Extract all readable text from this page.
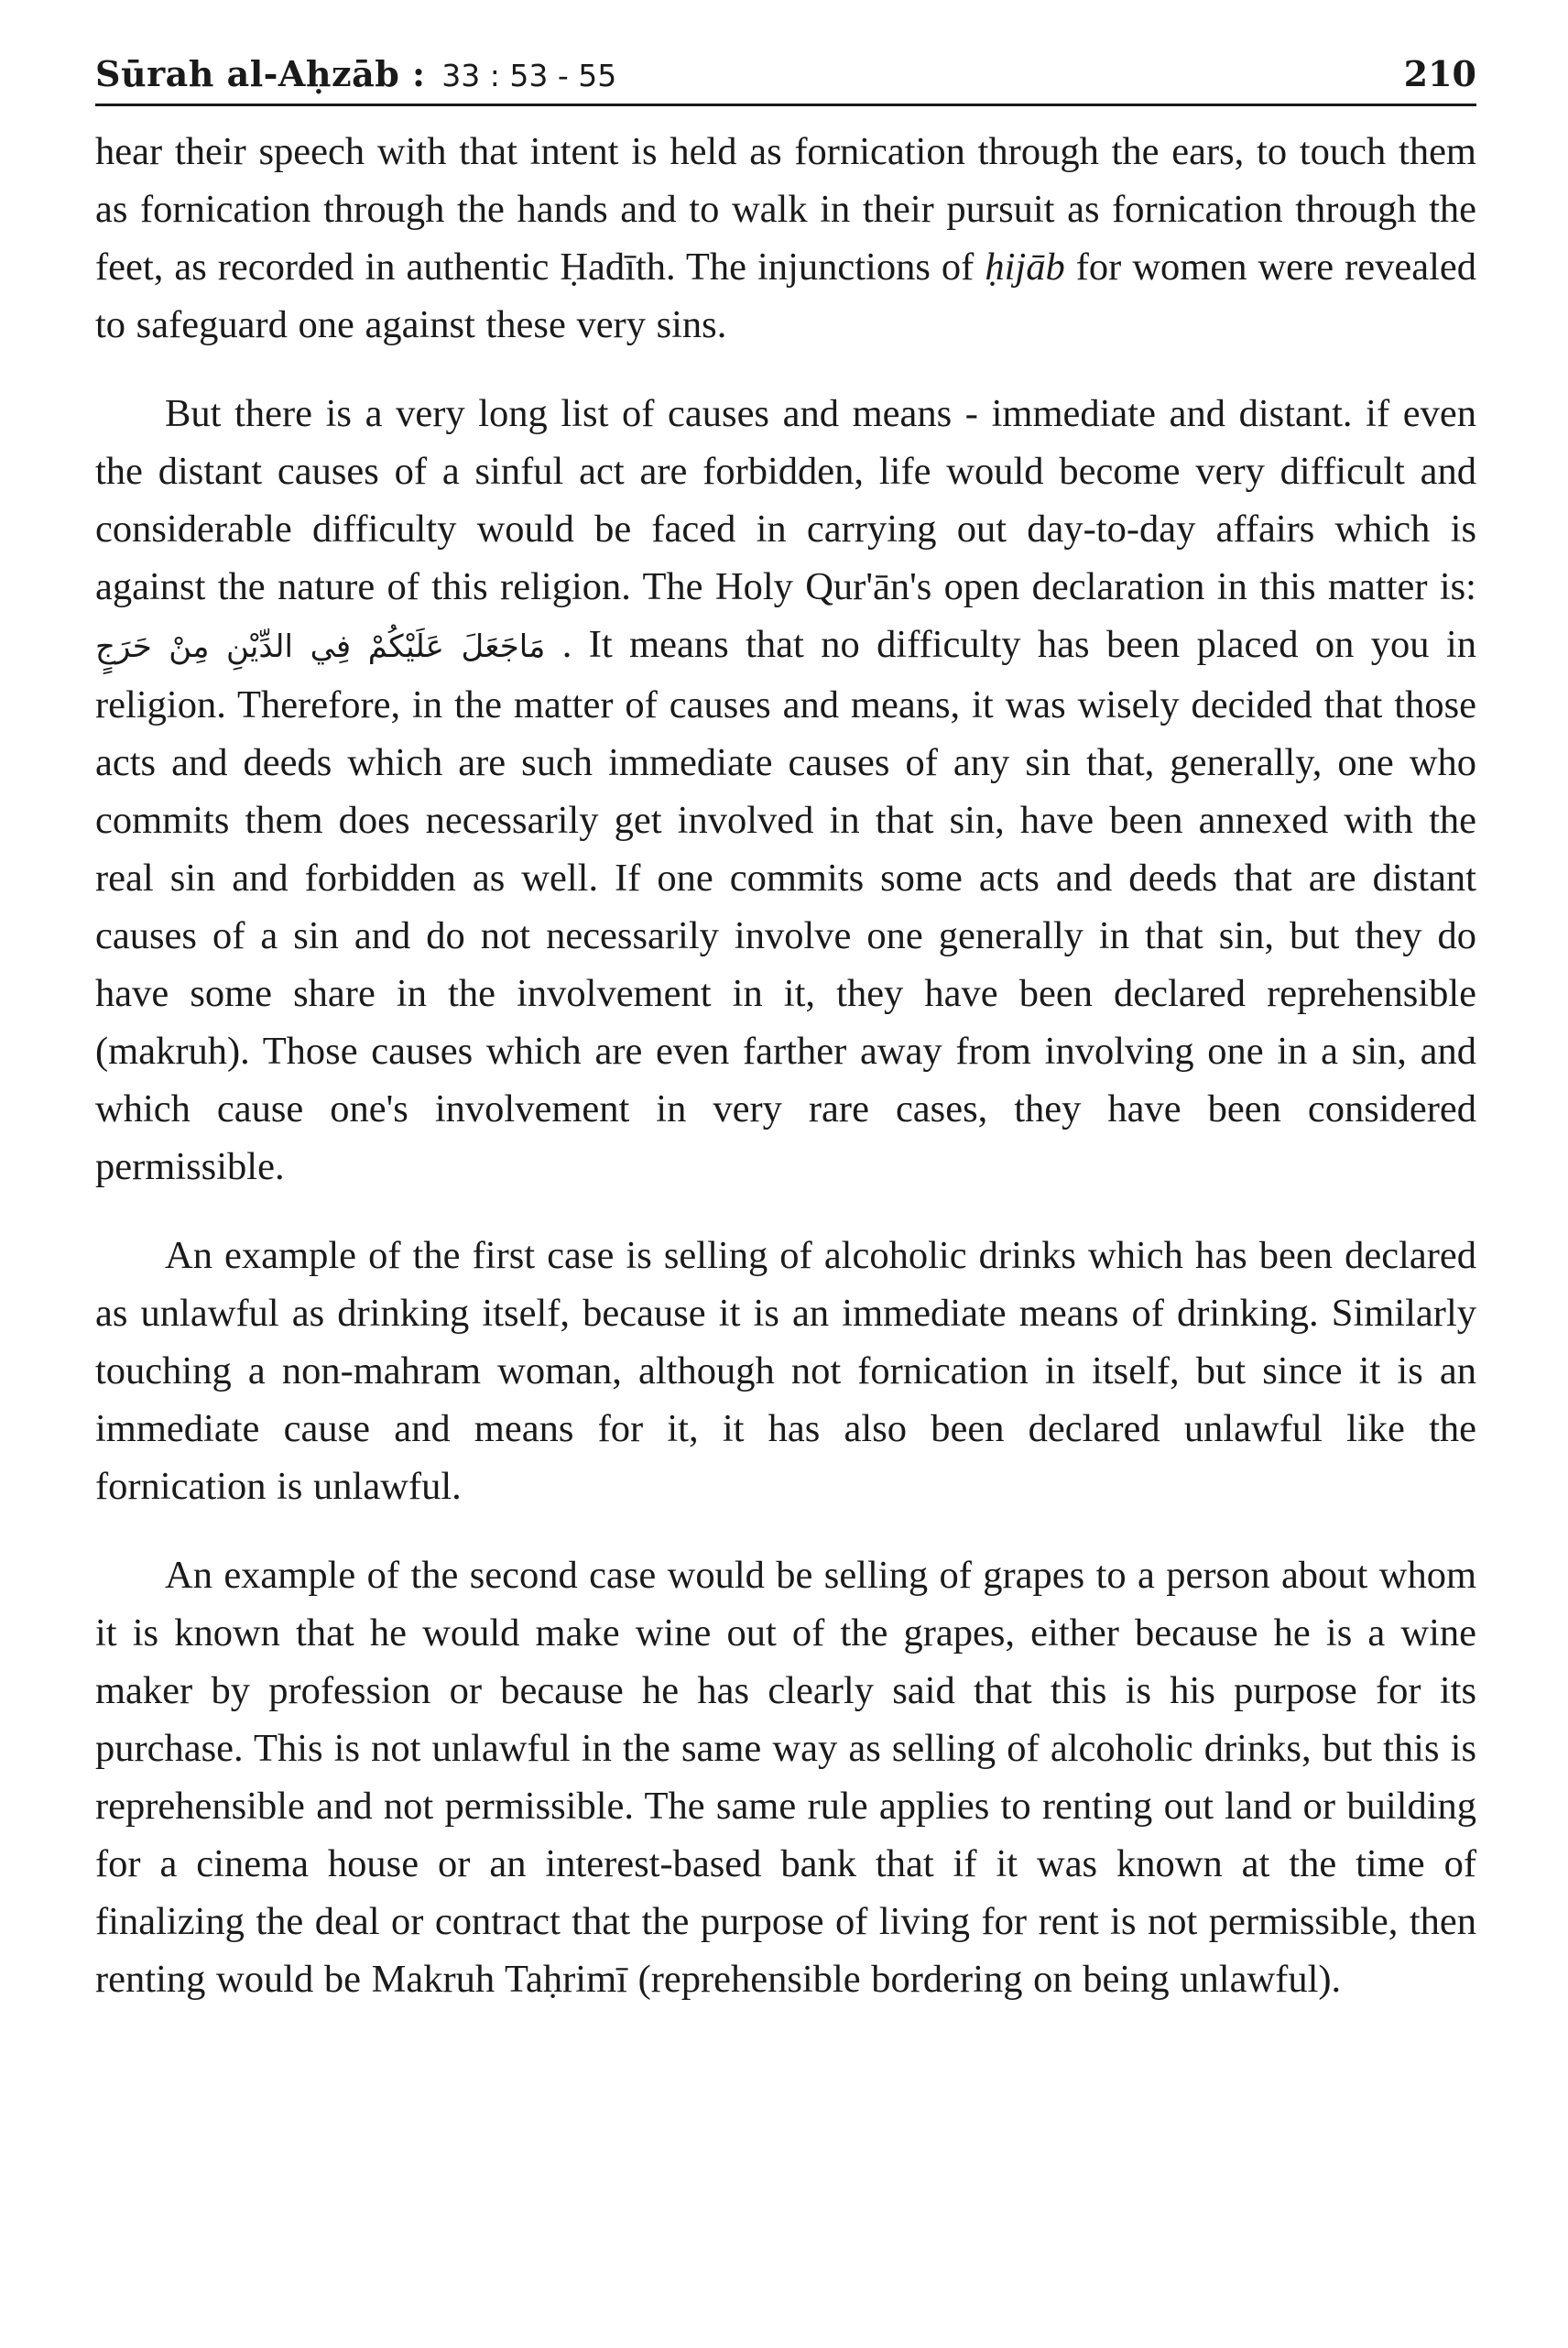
Sūrah al-Aḥzāb : 33 : 53 - 55	210

hear their speech with that intent is held as fornication through the ears, to touch them as fornication through the hands and to walk in their pursuit as fornication through the feet, as recorded in authentic Ḥadīth. The injunctions of ḥijāb for women were revealed to safeguard one against these very sins.

But there is a very long list of causes and means - immediate and distant. if even the distant causes of a sinful act are forbidden, life would become very difficult and considerable difficulty would be faced in carrying out day-to-day affairs which is against the nature of this religion. The Holy Qur'ān's open declaration in this matter is: مَاجَعَلَ عَلَيْكُمْ فِي الدِّيْنِ مِنْ حَرَجٍ . It means that no difficulty has been placed on you in religion. Therefore, in the matter of causes and means, it was wisely decided that those acts and deeds which are such immediate causes of any sin that, generally, one who commits them does necessarily get involved in that sin, have been annexed with the real sin and forbidden as well. If one commits some acts and deeds that are distant causes of a sin and do not necessarily involve one generally in that sin, but they do have some share in the involvement in it, they have been declared reprehensible (makruh). Those causes which are even farther away from involving one in a sin, and which cause one's involvement in very rare cases, they have been considered permissible.

An example of the first case is selling of alcoholic drinks which has been declared as unlawful as drinking itself, because it is an immediate means of drinking. Similarly touching a non-mahram woman, although not fornication in itself, but since it is an immediate cause and means for it, it has also been declared unlawful like the fornication is unlawful.

An example of the second case would be selling of grapes to a person about whom it is known that he would make wine out of the grapes, either because he is a wine maker by profession or because he has clearly said that this is his purpose for its purchase. This is not unlawful in the same way as selling of alcoholic drinks, but this is reprehensible and not permissible. The same rule applies to renting out land or building for a cinema house or an interest-based bank that if it was known at the time of finalizing the deal or contract that the purpose of living for rent is not permissible, then renting would be Makruh Taḥrimī (reprehensible bordering on being unlawful).
